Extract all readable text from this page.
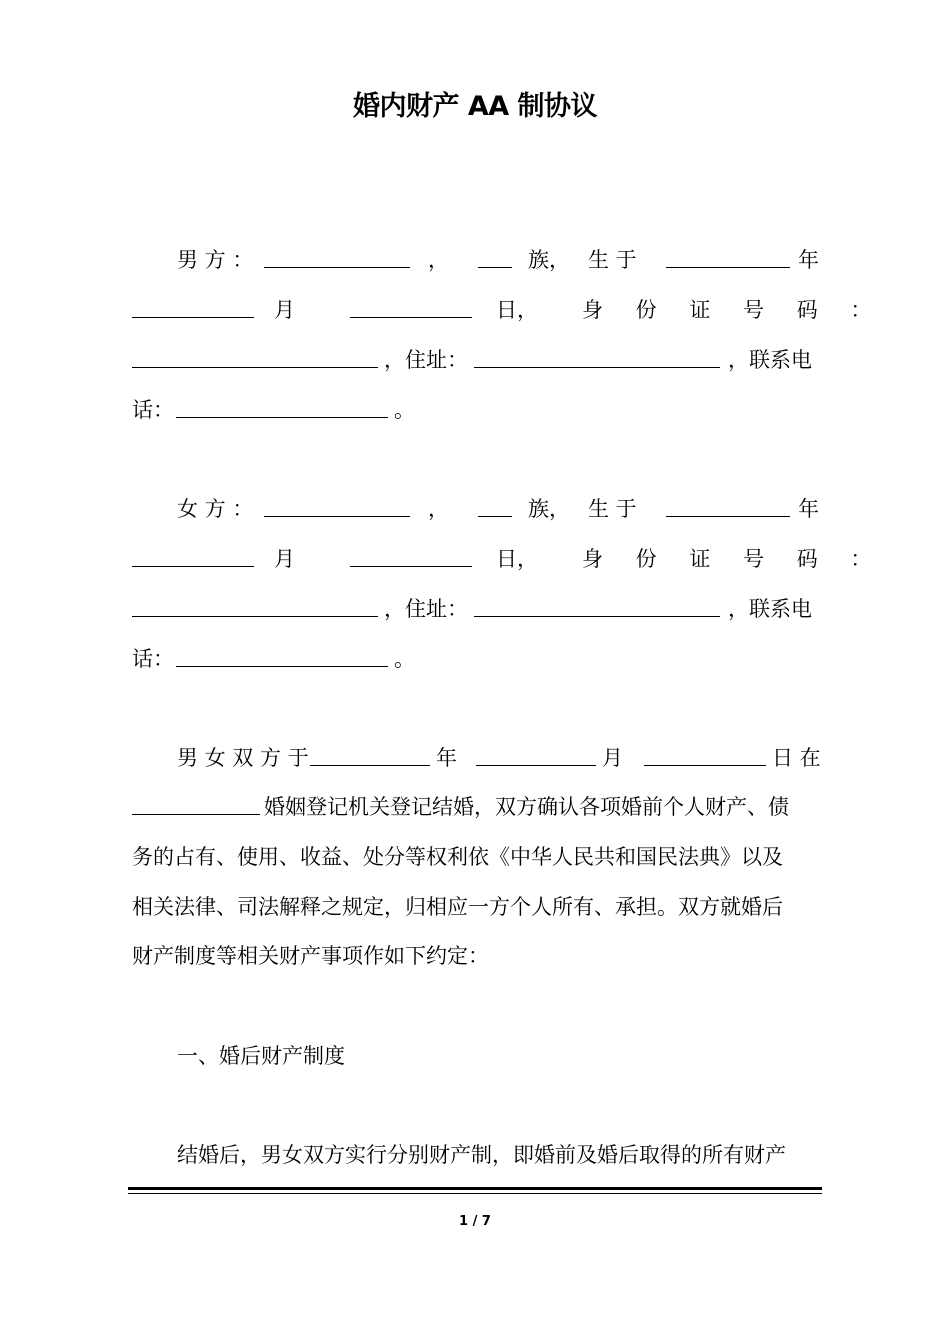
婚内财产 AA 制协议
男 方 ：	，	族， 生 于	年
月	日， 身 份 证 号 码 ：
，住址：	，联系电
话：	。
女 方 ：	，	族， 生 于	年
月	日， 身 份 证 号 码 ：
，住址：	，联系电
话：	。
男 女 双 方 于	年	月	日 在
婚姻登记机关登记结婚，双方确认各项婚前个人财产、债
务的占有、使用、收益、处分等权利依《中华人民共和国民法典》以及
相关法律、司法解释之规定，归相应一方个人所有、承担。双方就婚后
财产制度等相关财产事项作如下约定：
一、婚后财产制度
结婚后，男女双方实行分别财产制，即婚前及婚后取得的所有财产
1 / 7
